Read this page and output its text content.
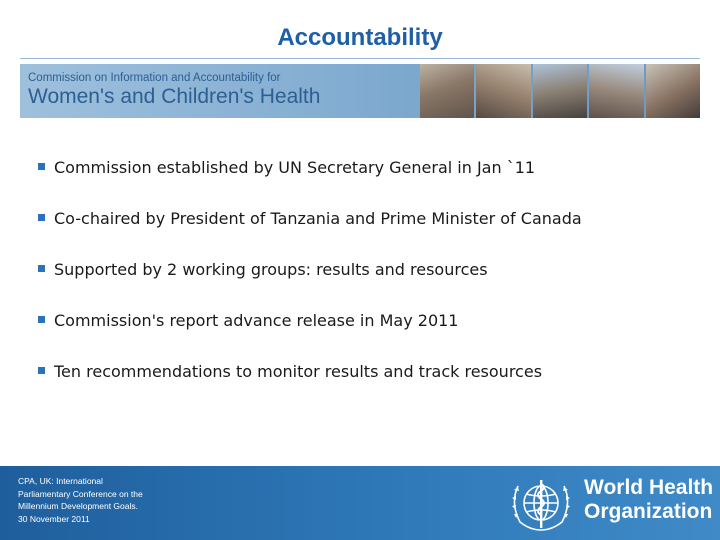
Accountability
Commission on Information and Accountability for
Women's and Children's Health
Commission established by UN Secretary General in Jan `11
Co-chaired by President of Tanzania and Prime Minister of Canada
Supported by 2 working groups: results and resources
Commission's report advance release in May 2011
Ten recommendations to monitor results and track resources
CPA, UK: International
Parliamentary Conference on the
Millennium Development Goals.
30 November 2011
World Health
Organization
